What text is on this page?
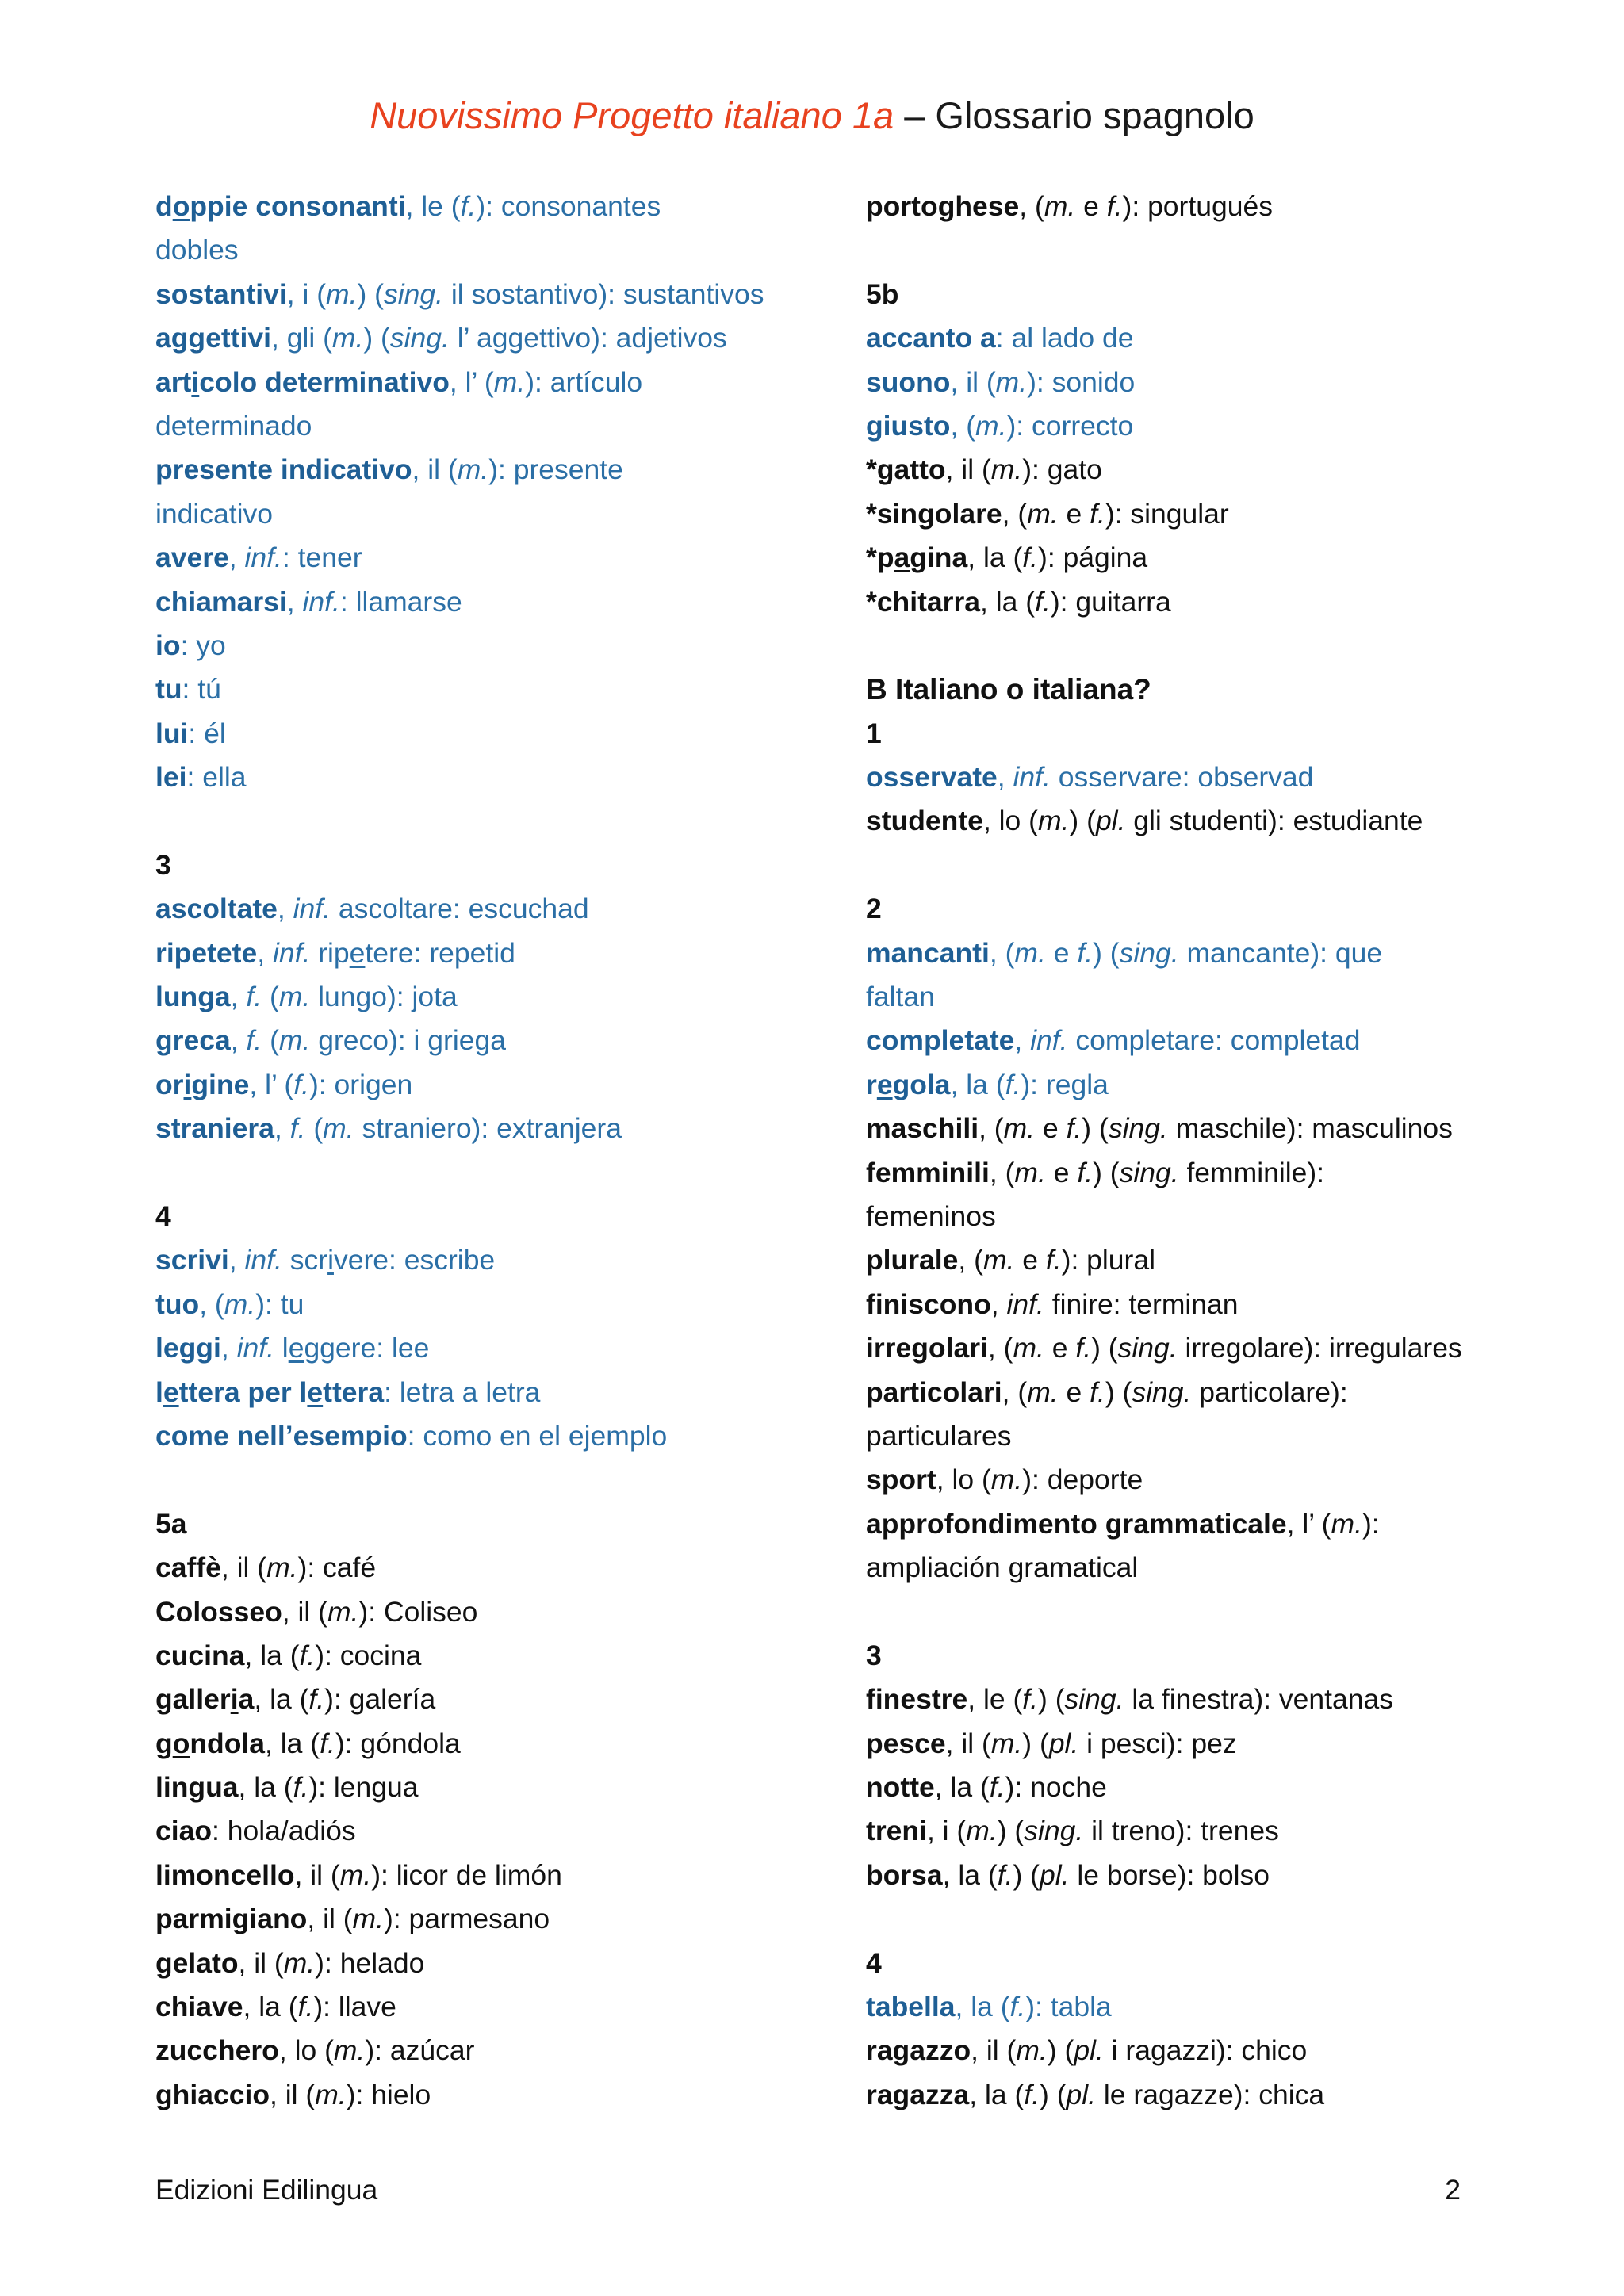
Nuovissimo Progetto italiano 1a – Glossario spagnolo
doppie consonanti, le (f.): consonantes
dobles
sostantivi, i (m.) (sing. il sostantivo): sustantivos
aggettivi, gli (m.) (sing. l’ aggettivo): adjetivos
articolo determinativo, l’ (m.): artículo
determinado
presente indicativo, il (m.): presente
indicativo
avere, inf.: tener
chiamarsi, inf.: llamarse
io: yo
tu: tú
lui: él
lei: ella
3
ascoltate, inf. ascoltare: escuchad
ripetete, inf. ripetere: repetid
lunga, f. (m. lungo): jota
greca, f. (m. greco): i griega
origine, l’ (f.): origen
straniera, f. (m. straniero): extranjera
4
scrivi, inf. scrivere: escribe
tuo, (m.): tu
leggi, inf. leggere: lee
lettera per lettera: letra a letra
come nell’esempio: como en el ejemplo
5a
caffè, il (m.): café
Colosseo, il (m.): Coliseo
cucina, la (f.): cocina
galleria, la (f.): galería
gondola, la (f.): góndola
lingua, la (f.): lengua
ciao: hola/adiós
limoncello, il (m.): licor de limón
parmigiano, il (m.): parmesano
gelato, il (m.): helado
chiave, la (f.): llave
zucchero, lo (m.): azúcar
ghiaccio, il (m.): hielo
portoghese, (m. e f.): portugués
5b
accanto a: al lado de
suono, il (m.): sonido
giusto, (m.): correcto
*gatto, il (m.): gato
*singolare, (m. e f.): singular
*pagina, la (f.): página
*chitarra, la (f.): guitarra
B Italiano o italiana?
1
osservate, inf. osservare: observad
studente, lo (m.) (pl. gli studenti): estudiante
2
mancanti, (m. e f.) (sing. mancante): que
faltan
completate, inf. completare: completad
regola, la (f.): regla
maschili, (m. e f.) (sing. maschile): masculinos
femminili, (m. e f.) (sing. femminile):
femeninos
plurale, (m. e f.): plural
finiscono, inf. finire: terminan
irregolari, (m. e f.) (sing. irregolare): irregulares
particolari, (m. e f.) (sing. particolare):
particulares
sport, lo (m.): deporte
approfondimento grammaticale, l’ (m.):
ampliación gramatical
3
finestre, le (f.) (sing. la finestra): ventanas
pesce, il (m.) (pl. i pesci): pez
notte, la (f.): noche
treni, i (m.) (sing. il treno): trenes
borsa, la (f.) (pl. le borse): bolso
4
tabella, la (f.): tabla
ragazzo, il (m.) (pl. i ragazzi): chico
ragazza, la (f.) (pl. le ragazze): chica
Edizioni Edilingua	2
